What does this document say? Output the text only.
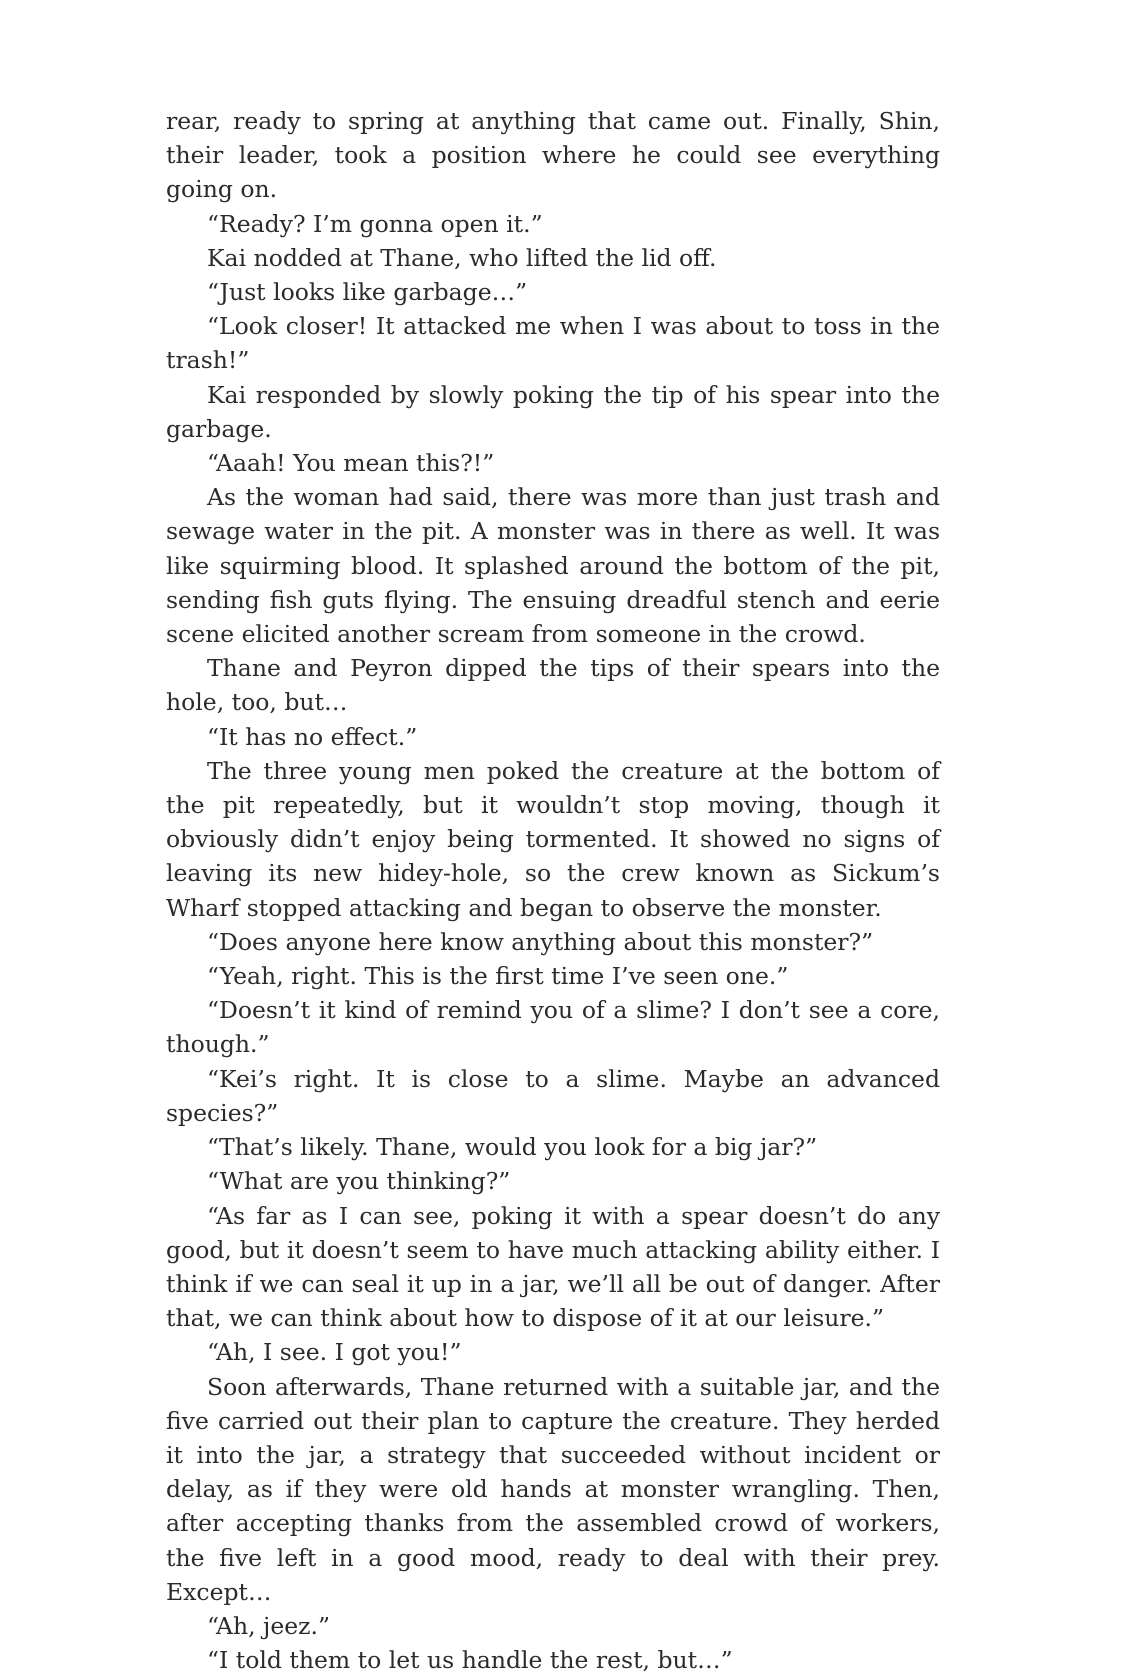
rear, ready to spring at anything that came out. Finally, Shin, their leader, took a position where he could see everything going on.

“Ready? I’m gonna open it.”

Kai nodded at Thane, who lifted the lid off.

“Just looks like garbage…”

“Look closer! It attacked me when I was about to toss in the trash!”

Kai responded by slowly poking the tip of his spear into the garbage.

“Aaah! You mean this?!”

As the woman had said, there was more than just trash and sewage water in the pit. A monster was in there as well. It was like squirming blood. It splashed around the bottom of the pit, sending fish guts flying. The ensuing dreadful stench and eerie scene elicited another scream from someone in the crowd.

Thane and Peyron dipped the tips of their spears into the hole, too, but…

“It has no effect.”

The three young men poked the creature at the bottom of the pit repeatedly, but it wouldn’t stop moving, though it obviously didn’t enjoy being tormented. It showed no signs of leaving its new hidey-hole, so the crew known as Sickum’s Wharf stopped attacking and began to observe the monster.

“Does anyone here know anything about this monster?”

“Yeah, right. This is the first time I’ve seen one.”

“Doesn’t it kind of remind you of a slime? I don’t see a core, though.”

“Kei’s right. It is close to a slime. Maybe an advanced species?”

“That’s likely. Thane, would you look for a big jar?”

“What are you thinking?”

“As far as I can see, poking it with a spear doesn’t do any good, but it doesn’t seem to have much attacking ability either. I think if we can seal it up in a jar, we’ll all be out of danger. After that, we can think about how to dispose of it at our leisure.”

“Ah, I see. I got you!”

Soon afterwards, Thane returned with a suitable jar, and the five carried out their plan to capture the creature. They herded it into the jar, a strategy that succeeded without incident or delay, as if they were old hands at monster wrangling. Then, after accepting thanks from the assembled crowd of workers, the five left in a good mood, ready to deal with their prey. Except…

“Ah, jeez.”

“I told them to let us handle the rest, but…”
